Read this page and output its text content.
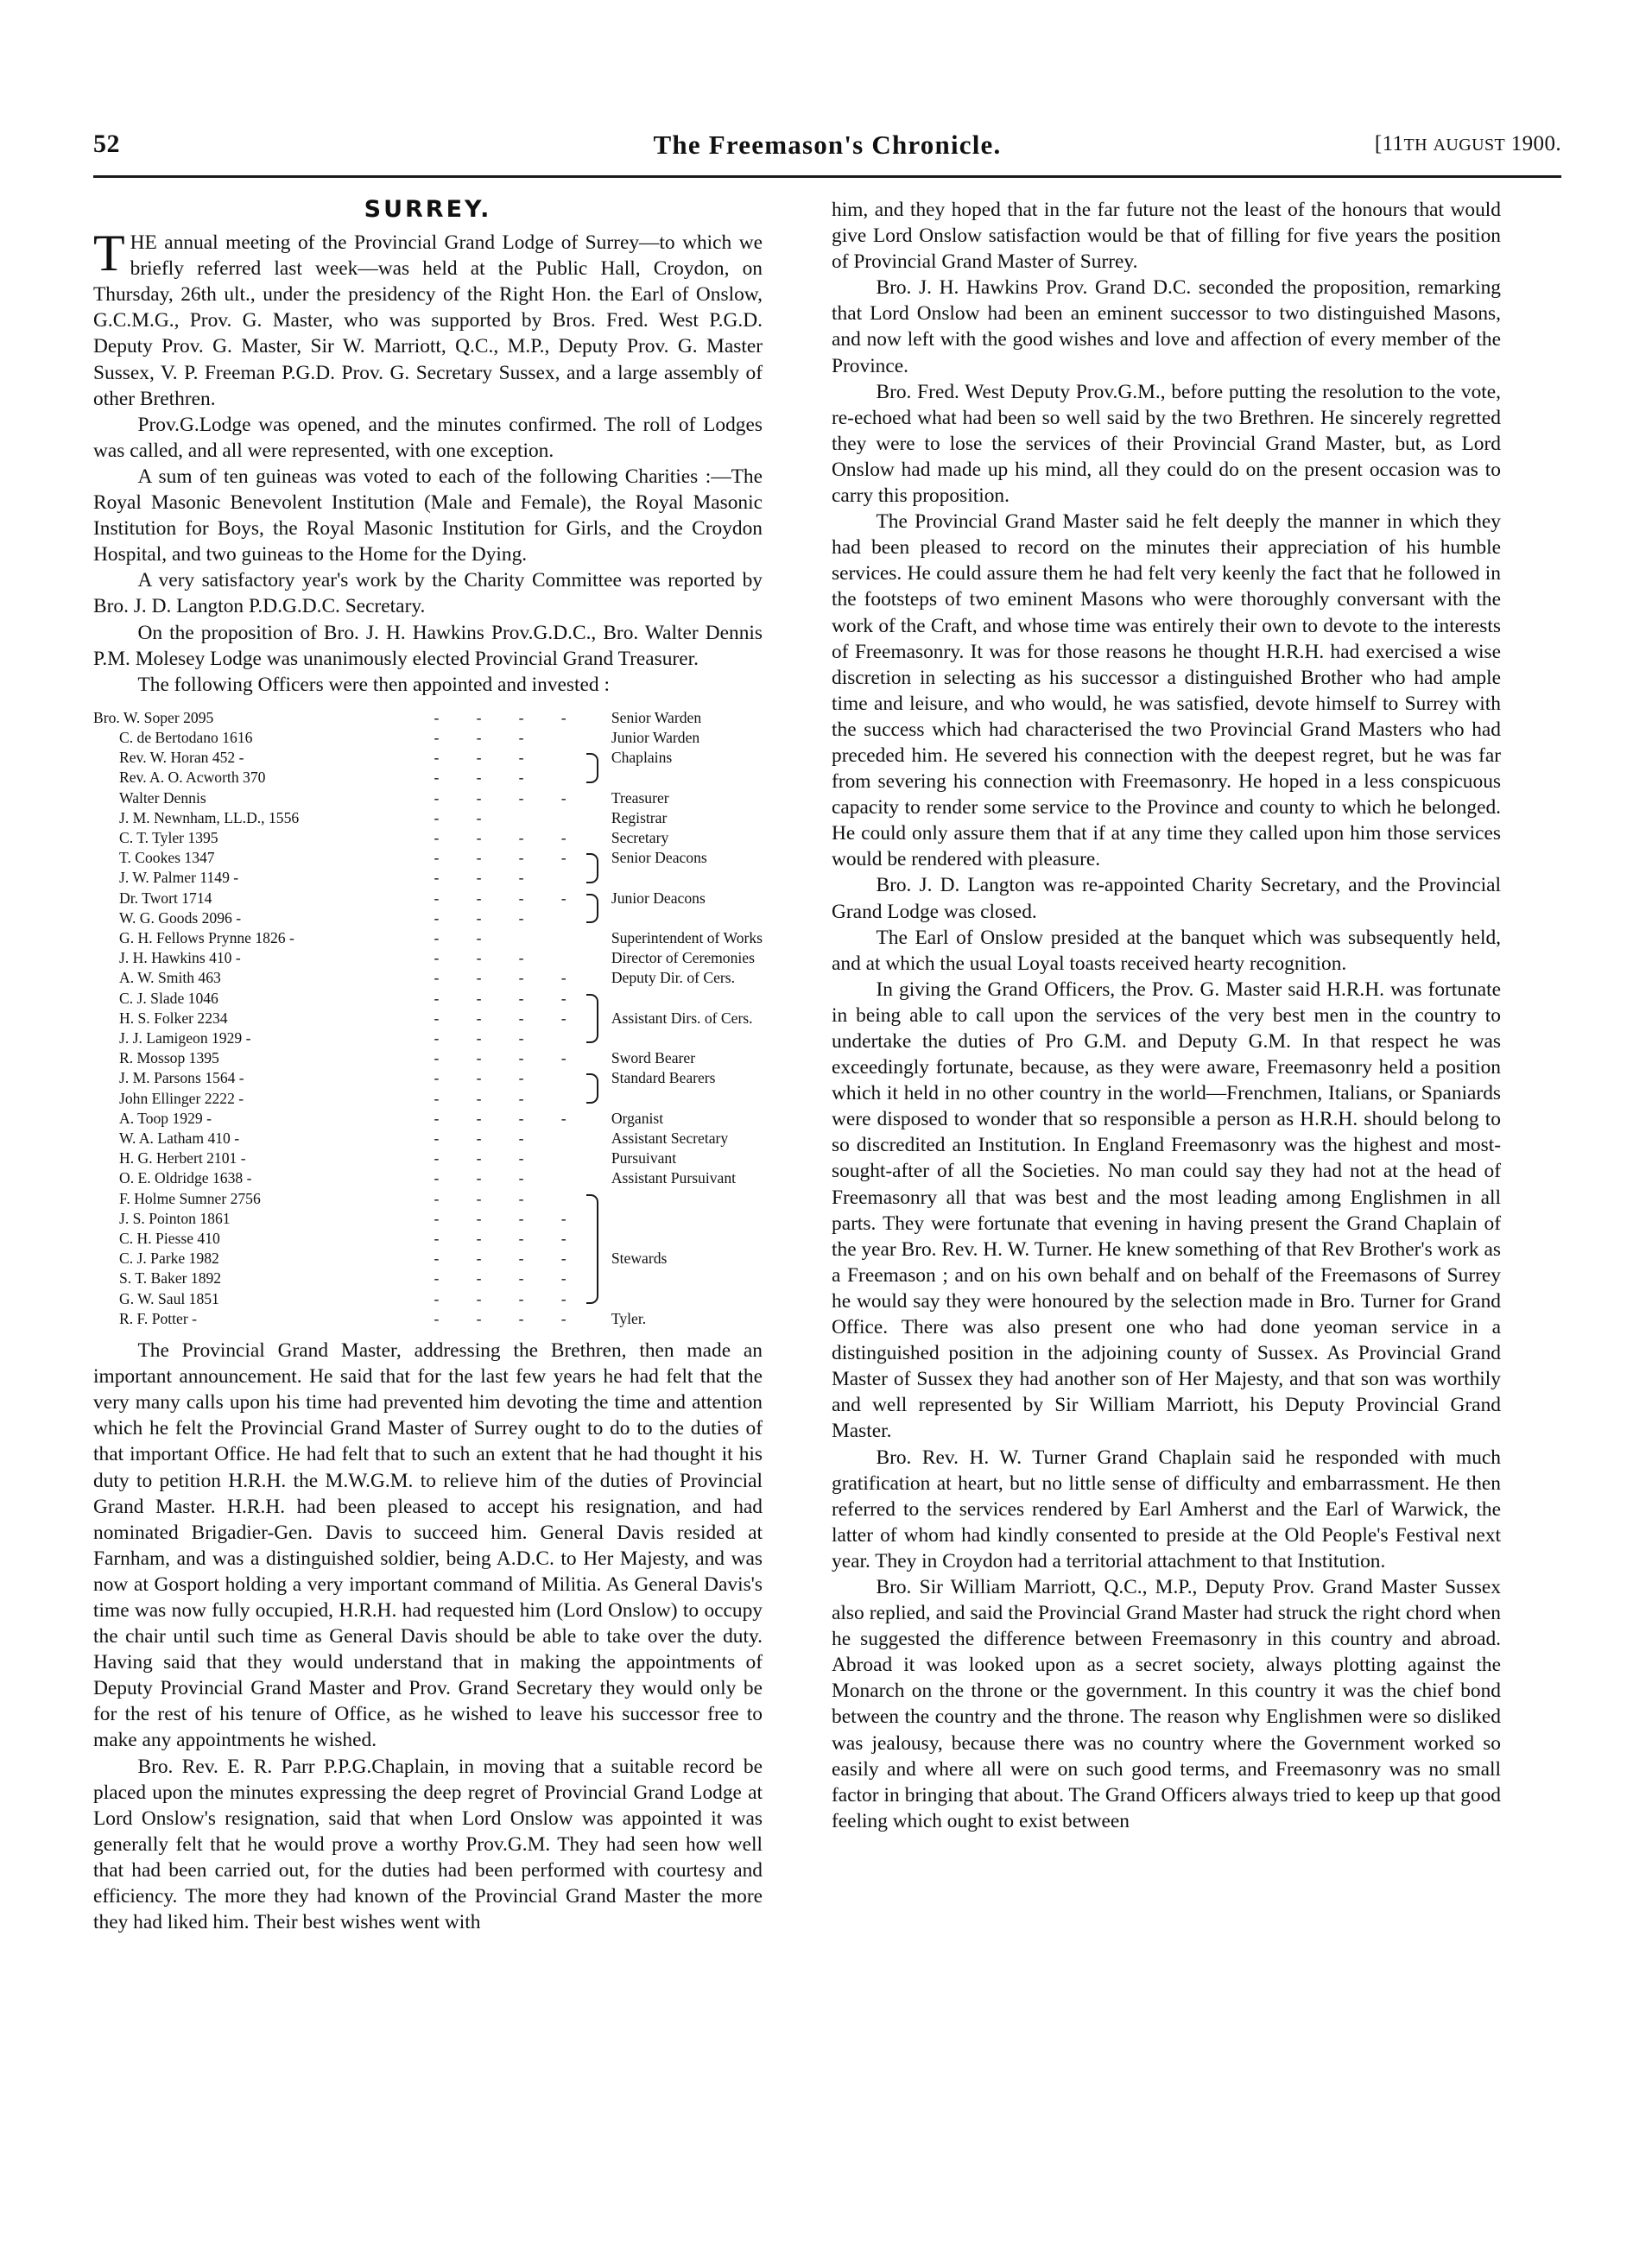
52	The Freemason's Chronicle.	[11TH AUGUST 1900.
SURREY.

THE annual meeting of the Provincial Grand Lodge of Surrey—to which we briefly referred last week—was held at the Public Hall, Croydon, on Thursday, 26th ult., under the presidency of the Right Hon. the Earl of Onslow, G.C.M.G., Prov. G. Master, who was supported by Bros. Fred. West P.G.D. Deputy Prov. G. Master, Sir W. Marriott, Q.C., M.P., Deputy Prov. G. Master Sussex, V. P. Freeman P.G.D. Prov. G. Secretary Sussex, and a large assembly of other Brethren.

Prov.G.Lodge was opened, and the minutes confirmed. The roll of Lodges was called, and all were represented, with one exception.

A sum of ten guineas was voted to each of the following Charities :—The Royal Masonic Benevolent Institution (Male and Female), the Royal Masonic Institution for Boys, the Royal Masonic Institution for Girls, and the Croydon Hospital, and two guineas to the Home for the Dying.

A very satisfactory year's work by the Charity Committee was reported by Bro. J. D. Langton P.D.G.D.C. Secretary.

On the proposition of Bro. J. H. Hawkins Prov.G.D.C., Bro. Walter Dennis P.M. Molesey Lodge was unanimously elected Provincial Grand Treasurer.

The following Officers were then appointed and invested :

Bro. W. Soper 2095	-	-	-	-		Senior Warden
C. de Bertodano 1616	-	-	-			Junior Warden
Rev. W. Horan 452 -	-	-	-			Chaplains
Rev. A. O. Acworth 370	-	-	-		

Walter Dennis	-	-	-	-		Treasurer
J. M. Newnham, LL.D., 1556	-	-				Registrar
C. T. Tyler 1395	-	-	-	-		Secretary
T. Cookes 1347	-	-	-	-		Senior Deacons
J. W. Palmer 1149 -	-	-	-		

Dr. Twort 1714	-	-	-	-		Junior Deacons
W. G. Goods 2096 -	-	-	-		

G. H. Fellows Prynne 1826 -	-	-				Superintendent of Works
J. H. Hawkins 410 -	-	-	-			Director of Ceremonies
A. W. Smith 463	-	-	-	-		Deputy Dir. of Cers.
C. J. Slade 1046	-	-	-	-	

H. S. Folker 2234	-	-	-	-		Assistant Dirs. of Cers.
J. J. Lamigeon 1929 -	-	-	-		

R. Mossop 1395	-	-	-	-		Sword Bearer
J. M. Parsons 1564 -	-	-	-			Standard Bearers
John Ellinger 2222 -	-	-	-		

A. Toop 1929 -	-	-	-	-		Organist
W. A. Latham 410 -	-	-	-			Assistant Secretary
H. G. Herbert 2101 -	-	-	-			Pursuivant
O. E. Oldridge 1638 -	-	-	-			Assistant Pursuivant
F. Holme Sumner 2756	-	-	-		

J. S. Pointon 1861	-	-	-	-	

C. H. Piesse 410	-	-	-	-	

C. J. Parke 1982	-	-	-	-		Stewards
S. T. Baker 1892	-	-	-	-	

G. W. Saul 1851	-	-	-	-	

R. F. Potter -	-	-	-	-		Tyler.

The Provincial Grand Master, addressing the Brethren, then made an important announcement. He said that for the last few years he had felt that the very many calls upon his time had prevented him devoting the time and attention which he felt the Provincial Grand Master of Surrey ought to do to the duties of that important Office. He had felt that to such an extent that he had thought it his duty to petition H.R.H. the M.W.G.M. to relieve him of the duties of Provincial Grand Master. H.R.H. had been pleased to accept his resignation, and had nominated Brigadier-Gen. Davis to succeed him. General Davis resided at Farnham, and was a distinguished soldier, being A.D.C. to Her Majesty, and was now at Gosport holding a very important command of Militia. As General Davis's time was now fully occupied, H.R.H. had requested him (Lord Onslow) to occupy the chair until such time as General Davis should be able to take over the duty. Having said that they would understand that in making the appointments of Deputy Provincial Grand Master and Prov. Grand Secretary they would only be for the rest of his tenure of Office, as he wished to leave his successor free to make any appointments he wished.

Bro. Rev. E. R. Parr P.P.G.Chaplain, in moving that a suitable record be placed upon the minutes expressing the deep regret of Provincial Grand Lodge at Lord Onslow's resignation, said that when Lord Onslow was appointed it was generally felt that he would prove a worthy Prov.G.M. They had seen how well that had been carried out, for the duties had been performed with courtesy and efficiency. The more they had known of the Provincial Grand Master the more they had liked him. Their best wishes went with

him, and they hoped that in the far future not the least of the honours that would give Lord Onslow satisfaction would be that of filling for five years the position of Provincial Grand Master of Surrey.

Bro. J. H. Hawkins Prov. Grand D.C. seconded the proposition, remarking that Lord Onslow had been an eminent successor to two distinguished Masons, and now left with the good wishes and love and affection of every member of the Province.

Bro. Fred. West Deputy Prov.G.M., before putting the resolution to the vote, re-echoed what had been so well said by the two Brethren. He sincerely regretted they were to lose the services of their Provincial Grand Master, but, as Lord Onslow had made up his mind, all they could do on the present occasion was to carry this proposition.

The Provincial Grand Master said he felt deeply the manner in which they had been pleased to record on the minutes their appreciation of his humble services. He could assure them he had felt very keenly the fact that he followed in the footsteps of two eminent Masons who were thoroughly conversant with the work of the Craft, and whose time was entirely their own to devote to the interests of Freemasonry. It was for those reasons he thought H.R.H. had exercised a wise discretion in selecting as his successor a distinguished Brother who had ample time and leisure, and who would, he was satisfied, devote himself to Surrey with the success which had characterised the two Provincial Grand Masters who had preceded him. He severed his connection with the deepest regret, but he was far from severing his connection with Freemasonry. He hoped in a less conspicuous capacity to render some service to the Province and county to which he belonged. He could only assure them that if at any time they called upon him those services would be rendered with pleasure.

Bro. J. D. Langton was re-appointed Charity Secretary, and the Provincial Grand Lodge was closed.

The Earl of Onslow presided at the banquet which was subsequently held, and at which the usual Loyal toasts received hearty recognition.

In giving the Grand Officers, the Prov. G. Master said H.R.H. was fortunate in being able to call upon the services of the very best men in the country to undertake the duties of Pro G.M. and Deputy G.M. In that respect he was exceedingly fortunate, because, as they were aware, Freemasonry held a position which it held in no other country in the world—Frenchmen, Italians, or Spaniards were disposed to wonder that so responsible a person as H.R.H. should belong to so discredited an Institution. In England Freemasonry was the highest and most-sought-after of all the Societies. No man could say they had not at the head of Freemasonry all that was best and the most leading among Englishmen in all parts. They were fortunate that evening in having present the Grand Chaplain of the year Bro. Rev. H. W. Turner. He knew something of that Rev Brother's work as a Freemason ; and on his own behalf and on behalf of the Freemasons of Surrey he would say they were honoured by the selection made in Bro. Turner for Grand Office. There was also present one who had done yeoman service in a distinguished position in the adjoining county of Sussex. As Provincial Grand Master of Sussex they had another son of Her Majesty, and that son was worthily and well represented by Sir William Marriott, his Deputy Provincial Grand Master.

Bro. Rev. H. W. Turner Grand Chaplain said he responded with much gratification at heart, but no little sense of difficulty and embarrassment. He then referred to the services rendered by Earl Amherst and the Earl of Warwick, the latter of whom had kindly consented to preside at the Old People's Festival next year. They in Croydon had a territorial attachment to that Institution.

Bro. Sir William Marriott, Q.C., M.P., Deputy Prov. Grand Master Sussex also replied, and said the Provincial Grand Master had struck the right chord when he suggested the difference between Freemasonry in this country and abroad. Abroad it was looked upon as a secret society, always plotting against the Monarch on the throne or the government. In this country it was the chief bond between the country and the throne. The reason why Englishmen were so disliked was jealousy, because there was no country where the Government worked so easily and where all were on such good terms, and Freemasonry was no small factor in bringing that about. The Grand Officers always tried to keep up that good feeling which ought to exist between
